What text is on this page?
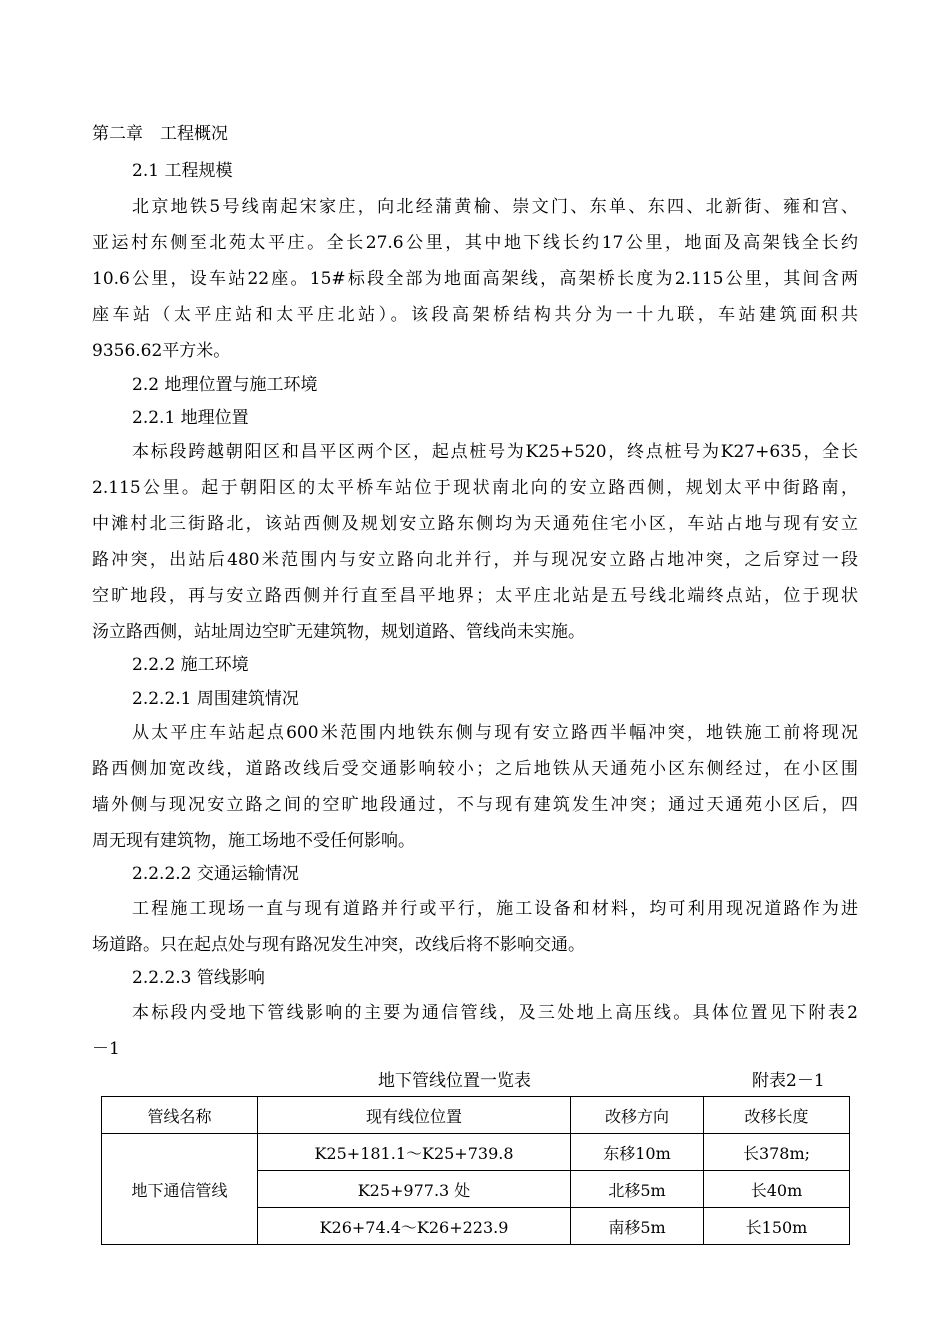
第二章　工程概况
2.1 工程规模
北京地铁5号线南起宋家庄，向北经蒲黄榆、崇文门、东单、东四、北新街、雍和宫、
亚运村东侧至北苑太平庄。全长27.6公里，其中地下线长约17公里，地面及高架钱全长约
10.6公里，设车站22座。15#标段全部为地面高架线，高架桥长度为2.115公里，其间含两
座车站（太平庄站和太平庄北站）。该段高架桥结构共分为一十九联，车站建筑面积共
9356.62平方米。
2.2 地理位置与施工环境
2.2.1 地理位置
本标段跨越朝阳区和昌平区两个区，起点桩号为K25+520，终点桩号为K27+635，全长
2.115公里。起于朝阳区的太平桥车站位于现状南北向的安立路西侧，规划太平中街路南，
中滩村北三街路北，该站西侧及规划安立路东侧均为天通苑住宅小区，车站占地与现有安立
路冲突，出站后480米范围内与安立路向北并行，并与现况安立路占地冲突，之后穿过一段
空旷地段，再与安立路西侧并行直至昌平地界；太平庄北站是五号线北端终点站，位于现状
汤立路西侧，站址周边空旷无建筑物，规划道路、管线尚未实施。
2.2.2 施工环境
2.2.2.1 周围建筑情况
从太平庄车站起点600米范围内地铁东侧与现有安立路西半幅冲突，地铁施工前将现况
路西侧加宽改线，道路改线后受交通影响较小；之后地铁从天通苑小区东侧经过，在小区围
墙外侧与现况安立路之间的空旷地段通过，不与现有建筑发生冲突；通过天通苑小区后，四
周无现有建筑物，施工场地不受任何影响。
2.2.2.2 交通运输情况
工程施工现场一直与现有道路并行或平行，施工设备和材料，均可利用现况道路作为进
场道路。只在起点处与现有路况发生冲突，改线后将不影响交通。
2.2.2.3 管线影响
本标段内受地下管线影响的主要为通信管线，及三处地上高压线。具体位置见下附表2
－1
地下管线位置一览表	附表2－1
管线名称	现有线位位置	改移方向	改移长度
地下通信管线	K25+181.1～K25+739.8	东移10m	长378m;
	K25+977.3 处	北移5m	长40m
	K26+74.4～K26+223.9	南移5m	长150m
